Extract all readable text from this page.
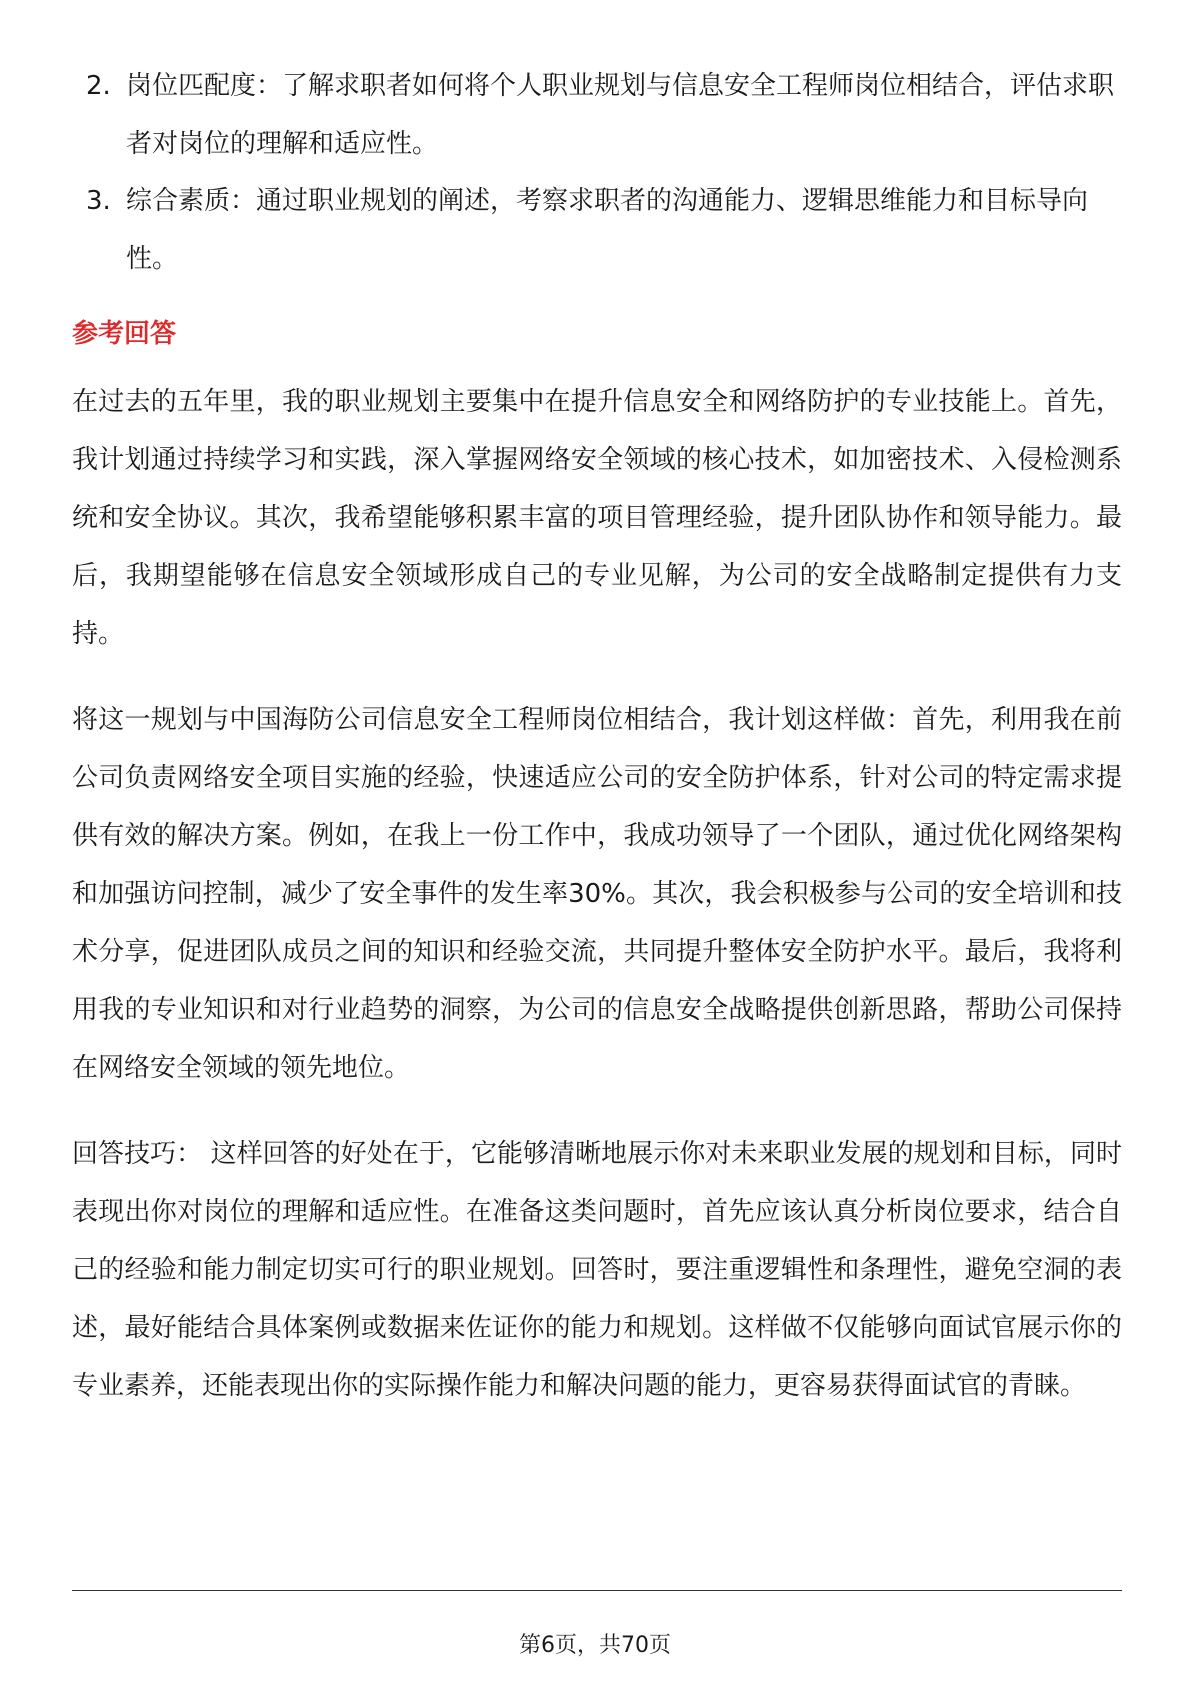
2. 岗位匹配度：了解求职者如何将个人职业规划与信息安全工程师岗位相结合，评估求职者对岗位的理解和适应性。
3. 综合素质：通过职业规划的阐述，考察求职者的沟通能力、逻辑思维能力和目标导向性。
参考回答

在过去的五年里，我的职业规划主要集中在提升信息安全和网络防护的专业技能上。首先，我计划通过持续学习和实践，深入掌握网络安全领域的核心技术，如加密技术、入侵检测系统和安全协议。其次，我希望能够积累丰富的项目管理经验，提升团队协作和领导能力。最后，我期望能够在信息安全领域形成自己的专业见解，为公司的安全战略制定提供有力支持。

将这一规划与中国海防公司信息安全工程师岗位相结合，我计划这样做：首先，利用我在前公司负责网络安全项目实施的经验，快速适应公司的安全防护体系，针对公司的特定需求提供有效的解决方案。例如，在我上一份工作中，我成功领导了一个团队，通过优化网络架构和加强访问控制，减少了安全事件的发生率30%。其次，我会积极参与公司的安全培训和技术分享，促进团队成员之间的知识和经验交流，共同提升整体安全防护水平。最后，我将利用我的专业知识和对行业趋势的洞察，为公司的信息安全战略提供创新思路，帮助公司保持在网络安全领域的领先地位。

回答技巧： 这样回答的好处在于，它能够清晰地展示你对未来职业发展的规划和目标，同时表现出你对岗位的理解和适应性。在准备这类问题时，首先应该认真分析岗位要求，结合自己的经验和能力制定切实可行的职业规划。回答时，要注重逻辑性和条理性，避免空洞的表述，最好能结合具体案例或数据来佐证你的能力和规划。这样做不仅能够向面试官展示你的专业素养，还能表现出你的实际操作能力和解决问题的能力，更容易获得面试官的青睐。

第6页，共70页
